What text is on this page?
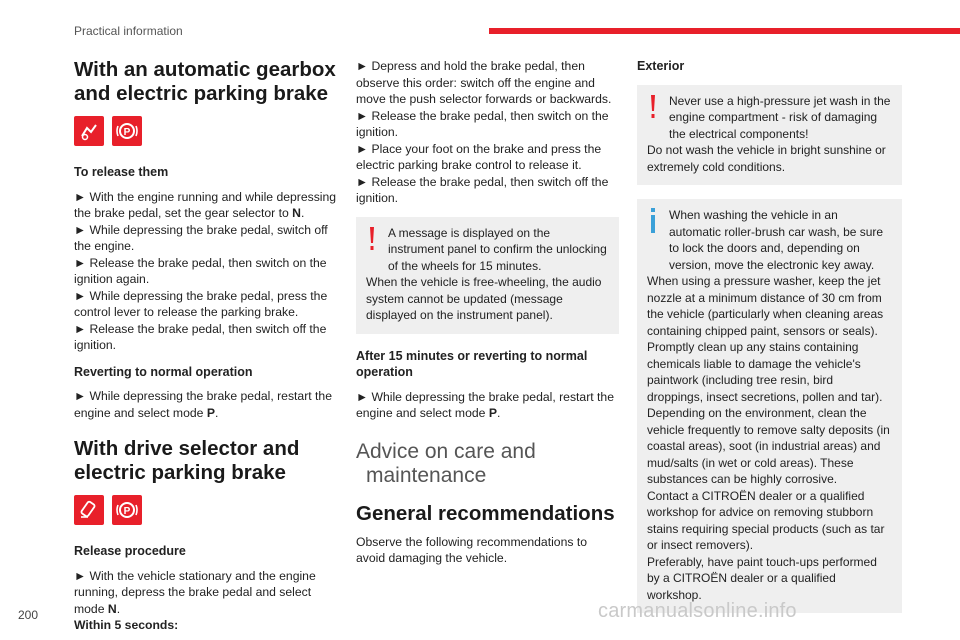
Practical information
With an automatic gearbox and electric parking brake
P
To release them

► With the engine running and while depressing the brake pedal, set the gear selector to N.

► While depressing the brake pedal, switch off the engine.

► Release the brake pedal, then switch on the ignition again.

► While depressing the brake pedal, press the control lever to release the parking brake.

► Release the brake pedal, then switch off the ignition.

Reverting to normal operation

► While depressing the brake pedal, restart the engine and select mode P.

With drive selector and electric parking brake
P
Release procedure

► With the vehicle stationary and the engine running, depress the brake pedal and select mode N.

Within 5 seconds:

► Depress and hold the brake pedal, then observe this order: switch off the engine and move the push selector forwards or backwards.

► Release the brake pedal, then switch on the ignition.

► Place your foot on the brake and press the electric parking brake control to release it.

► Release the brake pedal, then switch off the ignition.

A message is displayed on the instrument panel to confirm the unlocking of the wheels for 15 minutes.

When the vehicle is free-wheeling, the audio system cannot be updated (message displayed on the instrument panel).

After 15 minutes or reverting to normal operation

► While depressing the brake pedal, restart the engine and select mode P.

Advice on care and
maintenance
General recommendations

Observe the following recommendations to avoid damaging the vehicle.

Exterior

Never use a high-pressure jet wash in the engine compartment - risk of damaging the electrical components!

Do not wash the vehicle in bright sunshine or extremely cold conditions.

When washing the vehicle in an automatic roller-brush car wash, be sure to lock the doors and, depending on version, move the electronic key away.

When using a pressure washer, keep the jet nozzle at a minimum distance of 30 cm from the vehicle (particularly when cleaning areas containing chipped paint, sensors or seals).

Promptly clean up any stains containing chemicals liable to damage the vehicle's paintwork (including tree resin, bird droppings, insect secretions, pollen and tar).

Depending on the environment, clean the vehicle frequently to remove salty deposits (in coastal areas), soot (in industrial areas) and mud/salts (in wet or cold areas). These substances can be highly corrosive.

Contact a CITROËN dealer or a qualified workshop for advice on removing stubborn stains requiring special products (such as tar or insect removers).

Preferably, have paint touch-ups performed by a CITROËN dealer or a qualified workshop.

200	carmanualsonline.info
